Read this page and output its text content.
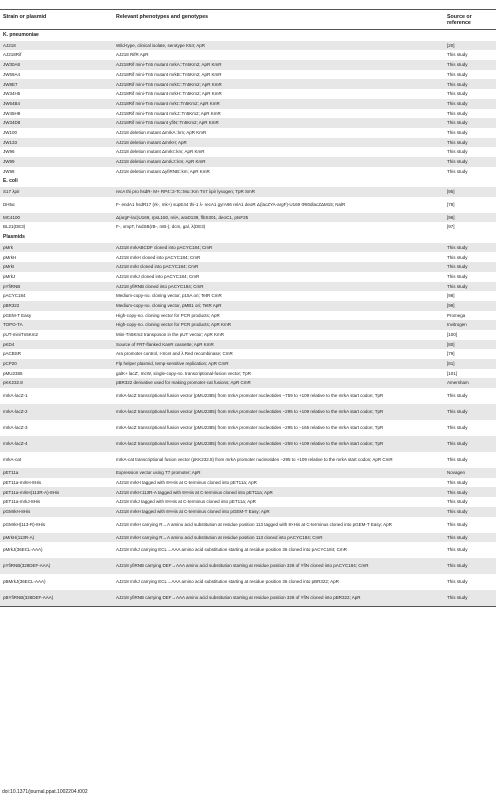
Strain or plasmid	Relevant phenotypes and genotypes	Source or reference
K. pneumoniae		
AJ218	Wild-type, clinical isolate, serotype K54; ApR	[20]
AJ218Rif	AJ218 RifR ApR	This study
JW30A8	AJ218Rif mini-Tn5 mutant mrkA::Tn5Km2; ApR KmR	This study
JW69A4	AJ218Rif mini-Tn5 mutant mrkB::Tn5Km2; ApR KmR	This study
JW8E7	AJ218Rif mini-Tn5 mutant mrkC::Tn5Km2; ApR KmR	This study
JW34H5	AJ218Rif mini-Tn5 mutant mrkH::Tn5Km2; ApR KmR	This study
JW64B4	AJ218Rif mini-Tn5 mutant mrkI::Tn5Km2; ApR KmR	This study
JW45H9	AJ218Rif mini-Tn5 mutant mrkJ::Tn5Km2; ApR KmR	This study
JW34D8	AJ218Rif mini-Tn5 mutant yfiN::Tn5Km2; ApR KmR	This study
JW100	AJ218 deletion mutant ΔmrkA::km; ApR KmR	This study
JW133	AJ218 deletion mutant ΔmrkH; ApR	This study
JW96	AJ218 deletion mutant ΔmrkI::km; ApR KmR	This study
JW99	AJ218 deletion mutant ΔmrkJ::km; ApR KmR	This study
JW98	AJ218 deletion mutant ΔyfiRNB::km; ApR KmR	This study
E. coli		
S17 λpir	recA thi pro hsdR- M+ RP4::2-Tc::Mu::Km Tn7 λpir lysogen; TpR SmR	[95]
DH5α	F- endA1 hsdR17 (rk-, mk+) supE44 thi-1 λ- recA1 gyrA96 relA1 deoR Δ(lacZYA-argF)-U169 Φ80dlacZΔM15; NalR	[78]
MC4100	Δ(argF-lac)U169, rpsL150, relA, araD139, flbS301, deoC1, ptsF25	[96]
BL21(DE3)	F-, ompT, hsdSB(rB-, mB-), dcm, gal, λ(DE3)	[97]
Plasmids		
pMrk	AJ218 mrkABCDF cloned into pACYC184; CmR	This study
pMrkH	AJ218 mrkH cloned into pACYC184; CmR	This study
pMrkI	AJ218 mrkI cloned into pACYC184; CmR	This study
pMrkJ	AJ218 mrkJ cloned into pACYC184; CmR	This study
pYfiRNB	AJ218 yfiRNB cloned into pACYC184; CmR	This study
pACYC184	Medium-copy-no. cloning vector, p15A ori; TetR CmR	[98]
pBR322	Medium-copy-no. cloning vector, pMB1 ori; TetR ApR	[99]
pGEM-T Easy	High-copy-no. cloning vector for PCR products; ApR	Promega
TOPO-TA	High-copy-no. cloning vector for PCR products; ApR KmR	Invitrogen
pUT-miniTn5Km2	Mini-Tn5Km2 transposon in the pUT vector; ApR KmR	[100]
pKD4	Source of FRT-flanked KanR cassette; ApR KmR	[80]
pACBSR	Ara promoter control, I-SceI and λ Red recombinase; CmR	[79]
pCP20	Flp helper plasmid, temp-sensitive replication; ApR CmR	[81]
pMU2385	galK+ lacZ', IncW, single-copy-no. transcriptional-fusion vector; TpR	[101]
pKK232.8	pBR322 derivative used for making promoter-cat fusions; ApR CmR	Amersham
mrkA-lacZ-1	mrkA-lacZ transcriptional fusion vector (pMU2385) from mrkA promoter nucleotides −759 to +109 relative to the mrkA start codon; TpR	This study
mrkA-lacZ-2	mrkA-lacZ transcriptional fusion vector (pMU2385) from mrkA promoter nucleotides −295 to +109 relative to the mrkA start codon; TpR	This study
mrkA-lacZ-3	mrkA-lacZ transcriptional fusion vector (pMU2385) from mrkA promoter nucleotides −295 to −165 relative to the mrkA start codon; TpR	This study
mrkA-lacZ-4	mrkA-lacZ transcriptional fusion vector (pMU2385) from mrkA promoter nucleotides −259 to +109 relative to the mrkA start codon; TpR	This study
mrkA-cat	mrkA-cat transcriptional fusion vector (pKK232.8) from mrkA promoter nucleotides −295 to +109 relative to the mrkA start codon; ApR CmR	This study
pET11a	Expression vector using T7 promoter; ApR	Novagen
pET11a-mrkH-8His	AJ218 mrkH tagged with 8×His at C-terminus cloned into pET11a; ApR	This study
pET11a-mrkH(113R-A)-8His	AJ218 mrkH:113R-A tagged with 8×His at C-terminus cloned into pET11a; ApR	This study
pET11a-mrkJ-8His	AJ218 mrkJ tagged with 8×His at C-terminus cloned into pET11a; ApR	This study
pGMrkH-8His	AJ218 mrkH tagged with 8×His at C-terminus cloned into pGEM-T Easy; ApR	This study
pGMrkH(113-R)-8His	AJ218 mrkH carrying R→A amino acid substitution at residue position 113 tagged with 8×His at C-terminus cloned into pGEM-T Easy; ApR	This study
pMrkH(113R-A)	AJ218 mrkH carrying R→A amino acid substitution at residue position 113 cloned into pACYC184; CmR	This study
pMrkJ(36ECL-AAA)	AJ218 mrkJ carrying ECL→AAA amino acid substitution starting at residue position 36 cloned into pACYC184; CmR	This study
pYfiRNB(328DEF-AAA)	AJ218 yfiRNB carrying DEF→AAA amino acid substitution starting at residue position 328 of YfiN cloned into pACYC184; CmR	This study
pBMrkJ(36ECL-AAA)	AJ218 mrkJ carrying ECL→AAA amino acid substitution starting at residue position 36 cloned into pBR322; ApR	This study
pBYfiRNB(328DEF-AAA)	AJ218 yfiRNB carrying DEF→AAA amino acid substitution starting at residue position 328 of YfiN cloned into pBR322; ApR	This study
doi:10.1371/journal.ppat.1002204.t002
